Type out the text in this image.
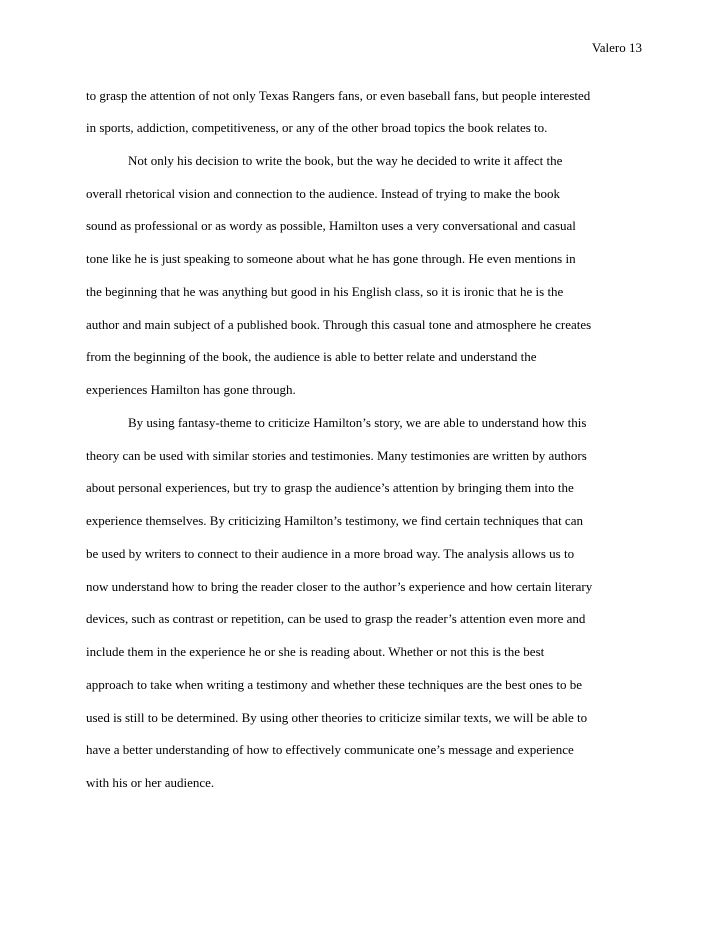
Valero 13
to grasp the attention of not only Texas Rangers fans, or even baseball fans, but people interested
in sports, addiction, competitiveness, or any of the other broad topics the book relates to.
Not only his decision to write the book, but the way he decided to write it affect the
overall rhetorical vision and connection to the audience. Instead of trying to make the book
sound as professional or as wordy as possible, Hamilton uses a very conversational and casual
tone like he is just speaking to someone about what he has gone through. He even mentions in
the beginning that he was anything but good in his English class, so it is ironic that he is the
author and main subject of a published book. Through this casual tone and atmosphere he creates
from the beginning of the book, the audience is able to better relate and understand the
experiences Hamilton has gone through.
By using fantasy-theme to criticize Hamilton’s story, we are able to understand how this
theory can be used with similar stories and testimonies. Many testimonies are written by authors
about personal experiences, but try to grasp the audience’s attention by bringing them into the
experience themselves. By criticizing Hamilton’s testimony, we find certain techniques that can
be used by writers to connect to their audience in a more broad way. The analysis allows us to
now understand how to bring the reader closer to the author’s experience and how certain literary
devices, such as contrast or repetition, can be used to grasp the reader’s attention even more and
include them in the experience he or she is reading about. Whether or not this is the best
approach to take when writing a testimony and whether these techniques are the best ones to be
used is still to be determined. By using other theories to criticize similar texts, we will be able to
have a better understanding of how to effectively communicate one’s message and experience
with his or her audience.
